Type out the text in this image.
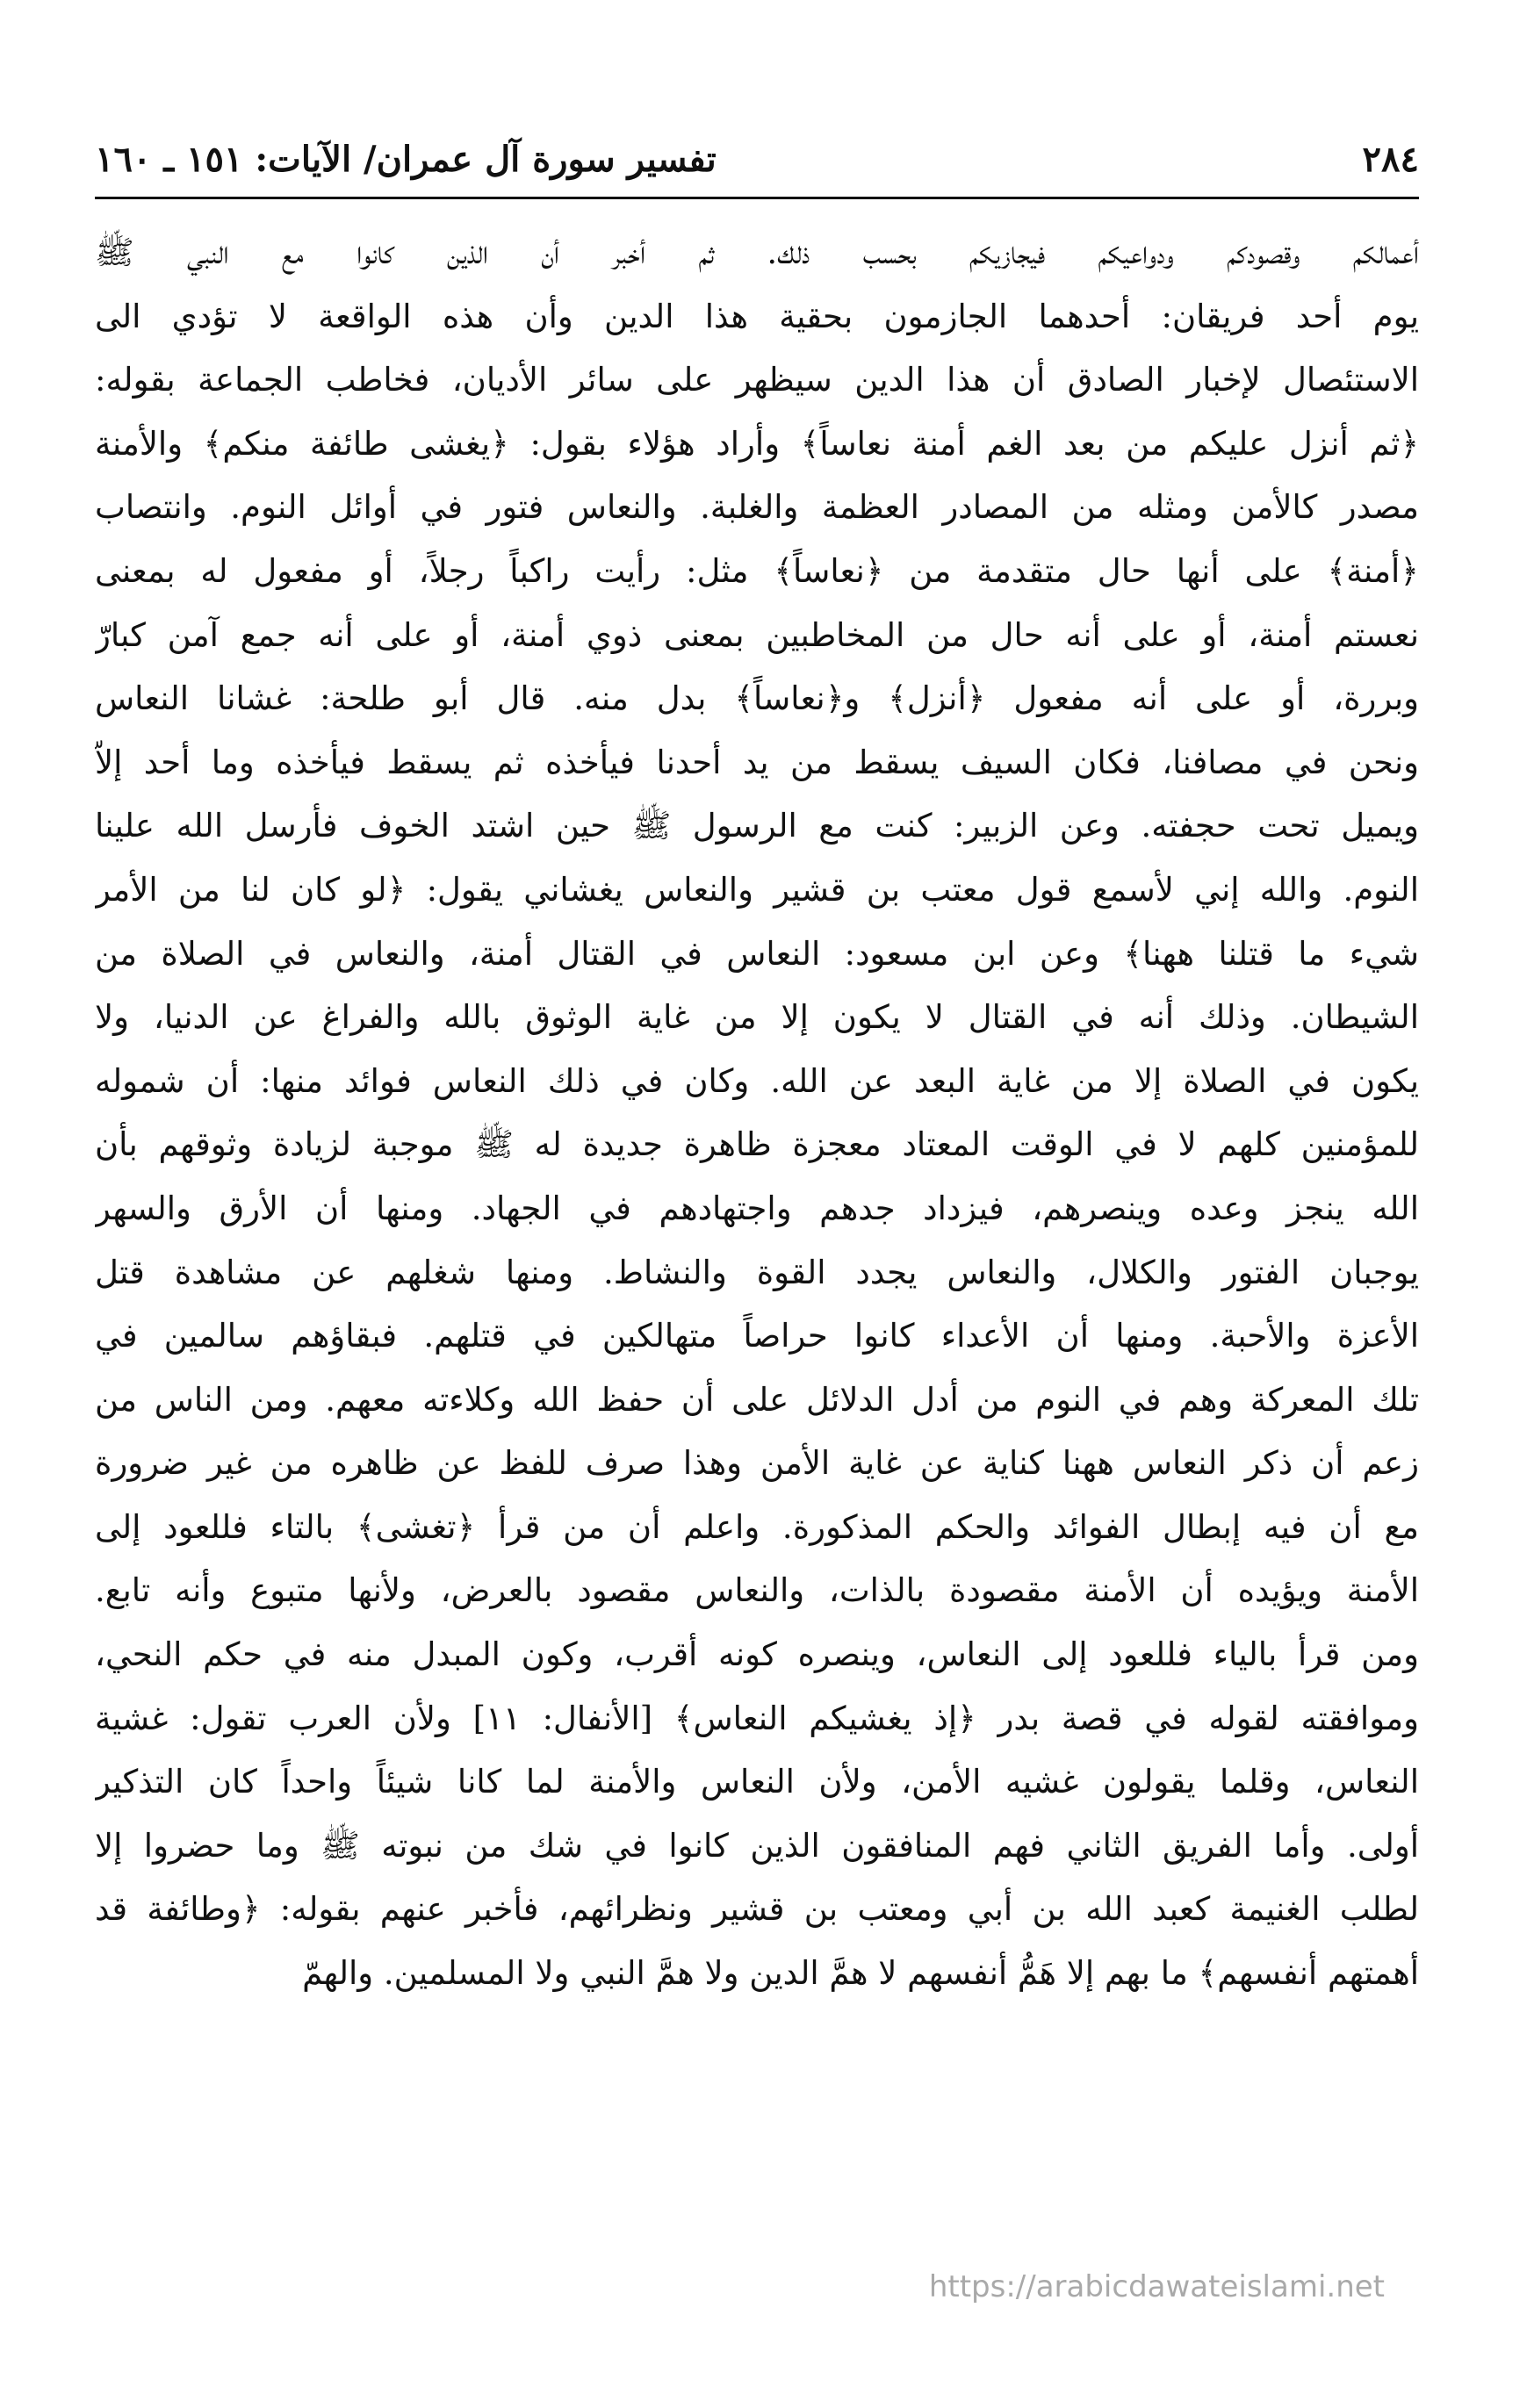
٢٨٤
تفسير سورة آل عمران/ الآيات: ١٥١ ـ ١٦٠
أعمالكم وقصودكم ودواعيكم فيجازيكم بحسب ذلك. ثم أخبر أن الذين كانوا مع النبي ﷺ
يوم أحد فريقان: أحدهما الجازمون بحقية هذا الدين وأن هذه الواقعة لا تؤدي الى
الاستئصال لإخبار الصادق أن هذا الدين سيظهر على سائر الأديان، فخاطب الجماعة بقوله:
﴿ثم أنزل عليكم من بعد الغم أمنة نعاساً﴾ وأراد هؤلاء بقول: ﴿يغشى طائفة منكم﴾ والأمنة
مصدر كالأمن ومثله من المصادر العظمة والغلبة. والنعاس فتور في أوائل النوم. وانتصاب
﴿أمنة﴾ على أنها حال متقدمة من ﴿نعاساً﴾ مثل: رأيت راكباً رجلاً، أو مفعول له بمعنى
نعستم أمنة، أو على أنه حال من المخاطبين بمعنى ذوي أمنة، أو على أنه جمع آمن كبارّ
وبررة، أو على أنه مفعول ﴿أنزل﴾ و﴿نعاساً﴾ بدل منه. قال أبو طلحة: غشانا النعاس
ونحن في مصافنا، فكان السيف يسقط من يد أحدنا فيأخذه ثم يسقط فيأخذه وما أحد إلاّ
ويميل تحت حجفته. وعن الزبير: كنت مع الرسول ﷺ حين اشتد الخوف فأرسل الله علينا
النوم. والله إني لأسمع قول معتب بن قشير والنعاس يغشاني يقول: ﴿لو كان لنا من الأمر
شيء ما قتلنا ههنا﴾ وعن ابن مسعود: النعاس في القتال أمنة، والنعاس في الصلاة من
الشيطان. وذلك أنه في القتال لا يكون إلا من غاية الوثوق بالله والفراغ عن الدنيا، ولا
يكون في الصلاة إلا من غاية البعد عن الله. وكان في ذلك النعاس فوائد منها: أن شموله
للمؤمنين كلهم لا في الوقت المعتاد معجزة ظاهرة جديدة له ﷺ موجبة لزيادة وثوقهم بأن
الله ينجز وعده وينصرهم، فيزداد جدهم واجتهادهم في الجهاد. ومنها أن الأرق والسهر
يوجبان الفتور والكلال، والنعاس يجدد القوة والنشاط. ومنها شغلهم عن مشاهدة قتل
الأعزة والأحبة. ومنها أن الأعداء كانوا حراصاً متهالكين في قتلهم. فبقاؤهم سالمين في
تلك المعركة وهم في النوم من أدل الدلائل على أن حفظ الله وكلاءته معهم. ومن الناس من
زعم أن ذكر النعاس ههنا كناية عن غاية الأمن وهذا صرف للفظ عن ظاهره من غير ضرورة
مع أن فيه إبطال الفوائد والحكم المذكورة. واعلم أن من قرأ ﴿تغشى﴾ بالتاء فللعود إلى
الأمنة ويؤيده أن الأمنة مقصودة بالذات، والنعاس مقصود بالعرض، ولأنها متبوع وأنه تابع.
ومن قرأ بالياء فللعود إلى النعاس، وينصره كونه أقرب، وكون المبدل منه في حكم النحي،
وموافقته لقوله في قصة بدر ﴿إذ يغشيكم النعاس﴾ [الأنفال: ١١] ولأن العرب تقول: غشية
النعاس، وقلما يقولون غشيه الأمن، ولأن النعاس والأمنة لما كانا شيئاً واحداً كان التذكير
أولى. وأما الفريق الثاني فهم المنافقون الذين كانوا في شك من نبوته ﷺ وما حضروا إلا
لطلب الغنيمة كعبد الله بن أبي ومعتب بن قشير ونظرائهم، فأخبر عنهم بقوله: ﴿وطائفة قد
أهمتهم أنفسهم﴾ ما بهم إلا هَمُّ أنفسهم لا همَّ الدين ولا همَّ النبي ولا المسلمين. والهمّ
https://arabicdawateislami.net
